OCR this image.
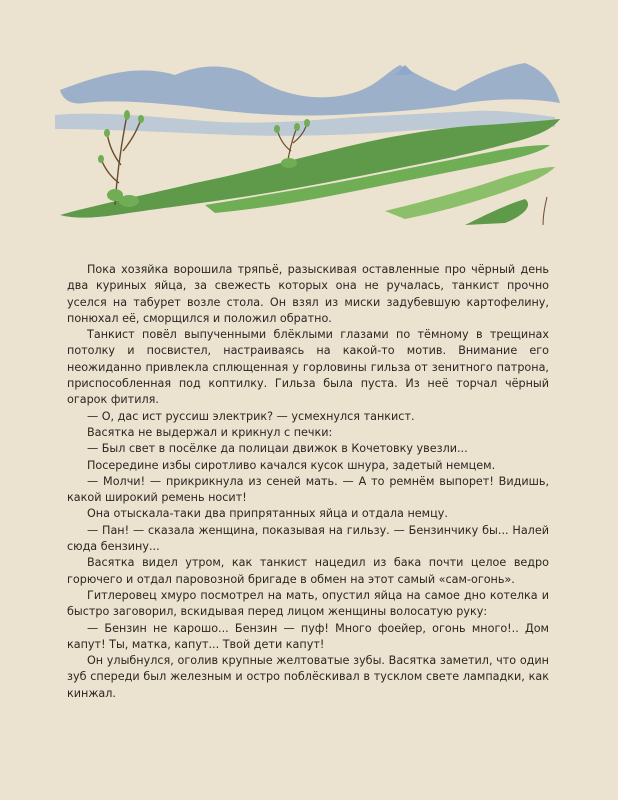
Пока хозяйка ворошила тряпьё, разыскивая оставленные про чёрный день два куриных яйца, за свежесть которых она не ручалась, танкист прочно уселся на табурет возле стола. Он взял из миски задубевшую картофелину, понюхал её, сморщился и положил обратно.

Танкист повёл выпученными блёклыми глазами по тёмному в трещинах потолку и посвистел, настраиваясь на какой-то мотив. Внимание его неожиданно привлекла сплющенная у горловины гильза от зенитного патрона, приспособленная под коптилку. Гильза была пуста. Из неё торчал чёрный огарок фитиля.

— О, дас ист руссиш электрик? — усмехнулся танкист.

Васятка не выдержал и крикнул с печки:

— Был свет в посёлке да полицаи движок в Кочетовку увезли...

Посередине избы сиротливо качался кусок шнура, задетый немцем.

— Молчи! — прикрикнула из сеней мать. — А то ремнём выпорет! Видишь, какой широкий ремень носит!

Она отыскала-таки два припрятанных яйца и отдала немцу.

— Пан! — сказала женщина, показывая на гильзу. — Бензинчику бы... Налей сюда бензину...

Васятка видел утром, как танкист нацедил из бака почти целое ведро горючего и отдал паровозной бригаде в обмен на этот самый «сам-огонь».

Гитлеровец хмуро посмотрел на мать, опустил яйца на самое дно котелка и быстро заговорил, вскидывая перед лицом женщины волосатую руку:

— Бензин не карошо... Бензин — пуф! Много фоейер, огонь много!.. Дом капут! Ты, матка, капут... Твой дети капут!

Он улыбнулся, оголив крупные желтоватые зубы. Васятка заметил, что один зуб спереди был железным и остро поблёскивал в тусклом свете лампадки, как кинжал.
